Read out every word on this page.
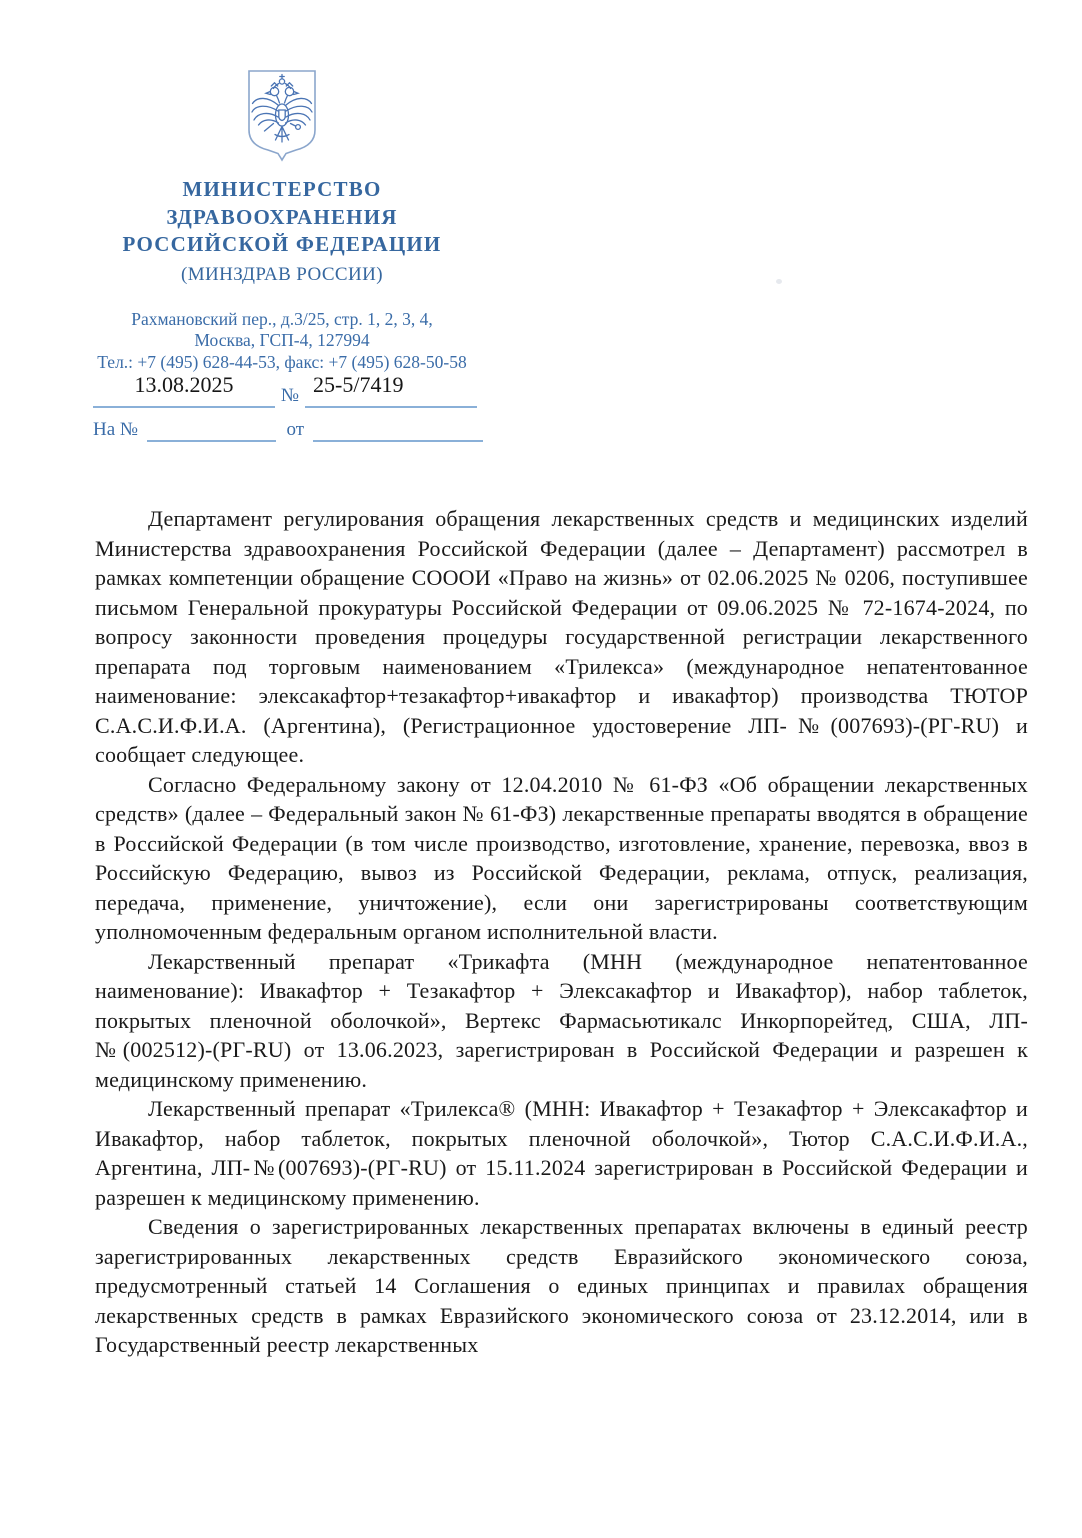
МИНИСТЕРСТВО
ЗДРАВООХРАНЕНИЯ
РОССИЙСКОЙ ФЕДЕРАЦИИ
(МИНЗДРАВ РОССИИ)
Рахмановский пер., д.3/25, стр. 1, 2, 3, 4,
Москва, ГСП-4, 127994
Тел.: +7 (495) 628-44-53, факс: +7 (495) 628-50-58
13.08.2025	№ 25-5/7419
На №	от

Департамент регулирования обращения лекарственных средств и медицинских изделий Министерства здравоохранения Российской Федерации (далее – Департамент) рассмотрел в рамках компетенции обращение СОООИ «Право на жизнь» от 02.06.2025 № 0206, поступившее письмом Генеральной прокуратуры Российской Федерации от 09.06.2025 № 72-1674-2024, по вопросу законности проведения процедуры государственной регистрации лекарственного препарата под торговым наименованием «Трилекса» (международное непатентованное наименование: элексакафтор+тезакафтор+ивакафтор и ивакафтор) производства ТЮТОР С.А.С.И.Ф.И.А. (Аргентина), (Регистрационное удостоверение ЛП-№(007693)-(РГ-RU) и сообщает следующее.

Согласно Федеральному закону от 12.04.2010 № 61-ФЗ «Об обращении лекарственных средств» (далее – Федеральный закон № 61-ФЗ) лекарственные препараты вводятся в обращение в Российской Федерации (в том числе производство, изготовление, хранение, перевозка, ввоз в Российскую Федерацию, вывоз из Российской Федерации, реклама, отпуск, реализация, передача, применение, уничтожение), если они зарегистрированы соответствующим уполномоченным федеральным органом исполнительной власти.

Лекарственный препарат «Трикафта (МНН (международное непатентованное наименование): Ивакафтор + Тезакафтор + Элексакафтор и Ивакафтор), набор таблеток, покрытых пленочной оболочкой», Вертекс Фармасьютикалс Инкорпорейтед, США, ЛП-№(002512)-(РГ-RU) от 13.06.2023, зарегистрирован в Российской Федерации и разрешен к медицинскому применению.

Лекарственный препарат «Трилекса® (МНН: Ивакафтор + Тезакафтор + Элексакафтор и Ивакафтор, набор таблеток, покрытых пленочной оболочкой», Тютор С.А.С.И.Ф.И.А., Аргентина, ЛП-№(007693)-(РГ-RU) от 15.11.2024 зарегистрирован в Российской Федерации и разрешен к медицинскому применению.

Сведения о зарегистрированных лекарственных препаратах включены в единый реестр зарегистрированных лекарственных средств Евразийского экономического союза, предусмотренный статьей 14 Соглашения о единых принципах и правилах обращения лекарственных средств в рамках Евразийского экономического союза от 23.12.2014, или в Государственный реестр лекарственных
